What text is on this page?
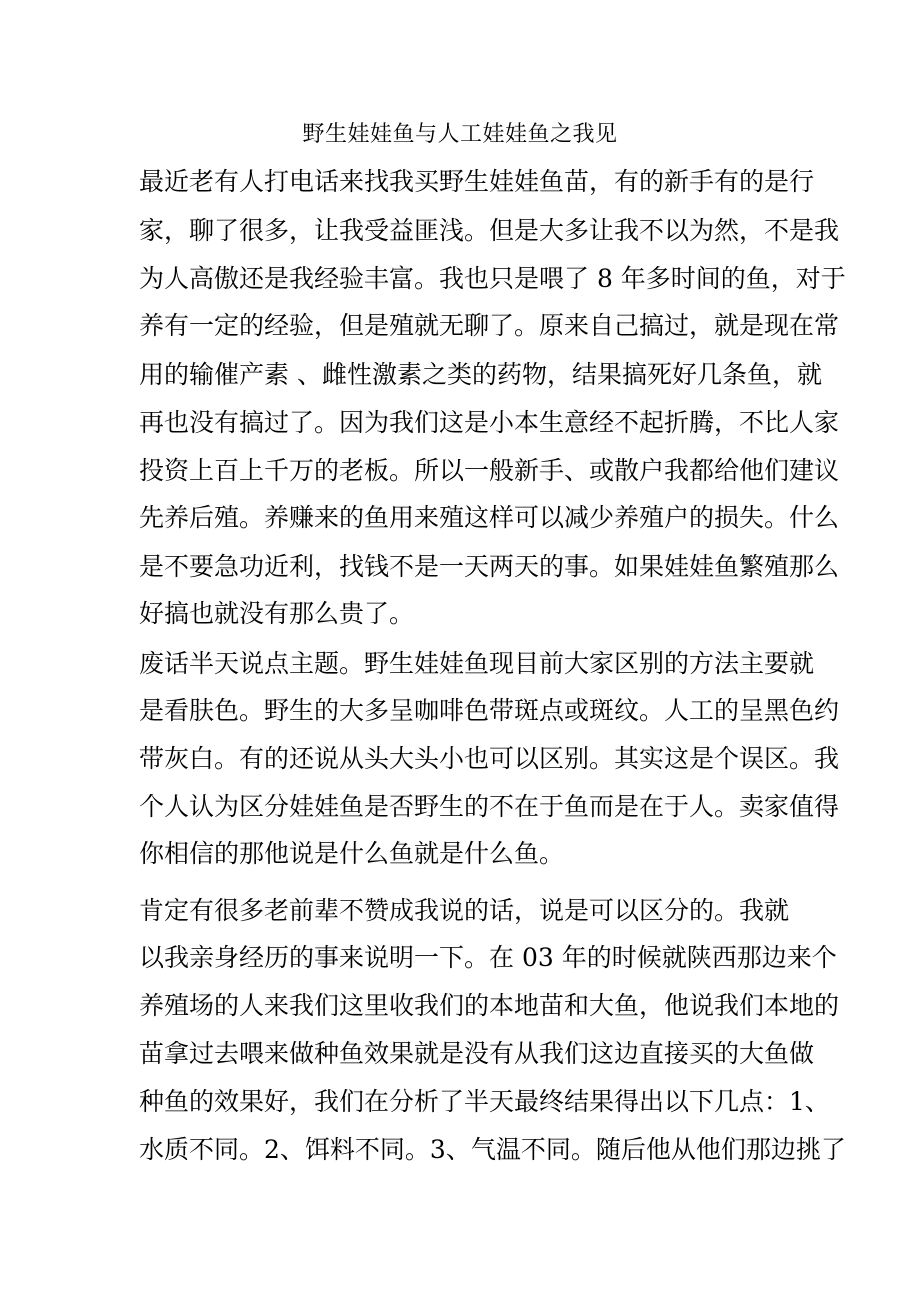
野生娃娃鱼与人工娃娃鱼之我见
最近老有人打电话来找我买野生娃娃鱼苗，有的新手有的是行
家，聊了很多，让我受益匪浅。但是大多让我不以为然，不是我
为人高傲还是我经验丰富。我也只是喂了 8 年多时间的鱼，对于
养有一定的经验，但是殖就无聊了。原来自己搞过，就是现在常
用的输催产素 、雌性激素之类的药物，结果搞死好几条鱼，就
再也没有搞过了。因为我们这是小本生意经不起折腾，不比人家
投资上百上千万的老板。所以一般新手、或散户我都给他们建议
先养后殖。养赚来的鱼用来殖这样可以减少养殖户的损失。什么
是不要急功近利，找钱不是一天两天的事。如果娃娃鱼繁殖那么
好搞也就没有那么贵了。
废话半天说点主题。野生娃娃鱼现目前大家区别的方法主要就
是看肤色。野生的大多呈咖啡色带斑点或斑纹。人工的呈黑色约
带灰白。有的还说从头大头小也可以区别。其实这是个误区。我
个人认为区分娃娃鱼是否野生的不在于鱼而是在于人。卖家值得
你相信的那他说是什么鱼就是什么鱼。
肯定有很多老前辈不赞成我说的话，说是可以区分的。我就
以我亲身经历的事来说明一下。在 03 年的时候就陕西那边来个
养殖场的人来我们这里收我们的本地苗和大鱼，他说我们本地的
苗拿过去喂来做种鱼效果就是没有从我们这边直接买的大鱼做
种鱼的效果好，我们在分析了半天最终结果得出以下几点：1、
水质不同。2、饵料不同。3、气温不同。随后他从他们那边挑了
